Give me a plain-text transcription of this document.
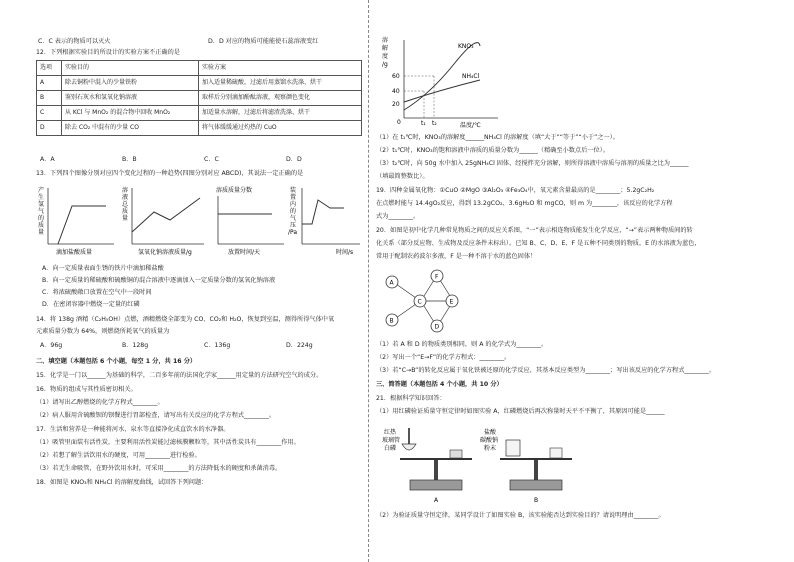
C．C 表示的物质可以灭火	D．D 对应的物质可能能使石蕊溶液变红
12．下列根据实验目的所设计的实验方案不正确的是
选项	实验目的	实验方案
A	除去铜粉中混入的少量铁粉	加入适量稀硫酸，过滤后用蒸馏水洗涤、烘干
B	鉴别石灰水和氢氧化钠溶液	取样后分别滴加酚酞溶液，观察颜色变化
C	从 KCl 与 MnO₂ 的混合物中回收 MnO₂	加适量水溶解，过滤后将滤渣洗涤、烘干
D	除去 CO₂ 中混有的少量 CO	将气体缓缓通过灼热的 CuO
A．A	B．B	C．C	D．D
13．下列四个图像分别对应四个变化过程的一种趋势(四图分别对应 ABCD)，其说法一定正确的是
产
生
氢
气
的
质
量
滴加盐酸质量
溶
液
总
质
量
氢氧化钠溶液质量/g
溶质质量分数
放置时间/天
装
置
内
的
气
压
/Pa
时间/s
A．向一定质量表面生锈的铁片中滴加稀盐酸
B．向一定质量的稀硫酸和硫酸铜的混合溶液中逐滴加入一定质量分数的氢氧化钠溶液
C．将浓硫酸敞口放置在空气中一段时间
D．在密闭容器中燃烧一定量的红磷
14．将 138g 酒精（C₂H₅OH）点燃，酒精燃烧全部变为 CO、CO₂和 H₂O，恢复到室温，测得所得气体中氧
元素质量分数为 64%，则燃烧所耗氧气的质量为
A．96g	B．128g	C．136g	D．224g
二、填空题（本题包括 6 个小题，每空 1 分，共 16 分）
15．化学是一门以______为基础的科学，二百多年前的法国化学家______用定量的方法研究空气的成分。
16．物质的组成与其性质密切相关。
（1）请写出乙醇燃烧的化学方程式________。
（2）病人服用含硫酸钡的钡餐进行胃部检查，请写出有关反应的化学方程式________。
17．生活和营养是一种能将河水、泉水等直接净化成直饮水的水净器。
（1）吸管里面装有活性炭，主要利用活性炭能过滤核膜颗粒等，其中活性炭具有________作用。
（2）若想了解生活饮用水的硬度，可用________进行检验。
（3）若无生命吸管，在野外饮用水时，可采用________的方法降低水的硬度和杀菌消毒。
18．如图是 KNO₃和 NH₄Cl 的溶解度曲线，试回答下列问题：
溶
解
度
/g
60
40
20
0
KNO₃
NH₄Cl
t₁ t₂	温度/℃
（1）在 t₁℃时，KNO₃的溶解度______NH₄Cl 的溶解度（填“大于”“等于”“小于”之一）。
（2）t₁℃时，KNO₃的饱和溶液中溶质的质量分数为______（精确至小数点后一位）。
（3）t₂℃时，向 50g 水中加入 25gNH₄Cl 固体，经搅拌充分溶解，则所得溶液中溶质与溶剂的质量之比为______
（填最简整数比）。
19．四种金属氧化物：①CuO ②MgO ③Al₂O₃ ④Fe₃O₄中，氧元素含量最高的是________；5.2gC₂H₂
在点燃时能与 14.4gO₂反应，得到 13.2gCO₂、3.6gH₂O 和 mgCO，则 m 为________，该反应的化学方程
式为________。
20．如图是初中化学几种常见物质之间的反应关系图，“一”表示相连物质能发生化学反应，“→”表示两种物质间的转
化关系（部分反应物、生成物及反应条件未标出）。已知 B、C、D、E、F 是五种不同类别的物质，E 的水溶液为蓝色，
常用于配制农药波尔多液，F 是一种不溶于水的蓝色固体！
A
B
C
D
E
F
（1）若 A 和 D 的物质类别相同，则 A 的化学式为________。
（2）写出一个“E→F”的化学方程式：________。
（3）若“C→B”的转化反应属于氧化铁被还原的化学反应，其基本反应类型为________；写出该反应的化学方程式________。
三、简答题（本题包括 4 个小题，共 10 分）
21．根据科学知识回答：
（1）用红磷验证质量守恒定律时如图实验 A，红磷燃烧后再次称量时天平不平衡了，其原因可能是______
红热
玻璃管
白磷
A
盐酸
碳酸钠
粉末
B
（2）为验证质量守恒定律，某同学设计了如图实验 B，该实验能否达到实验目的？请说明理由________。
